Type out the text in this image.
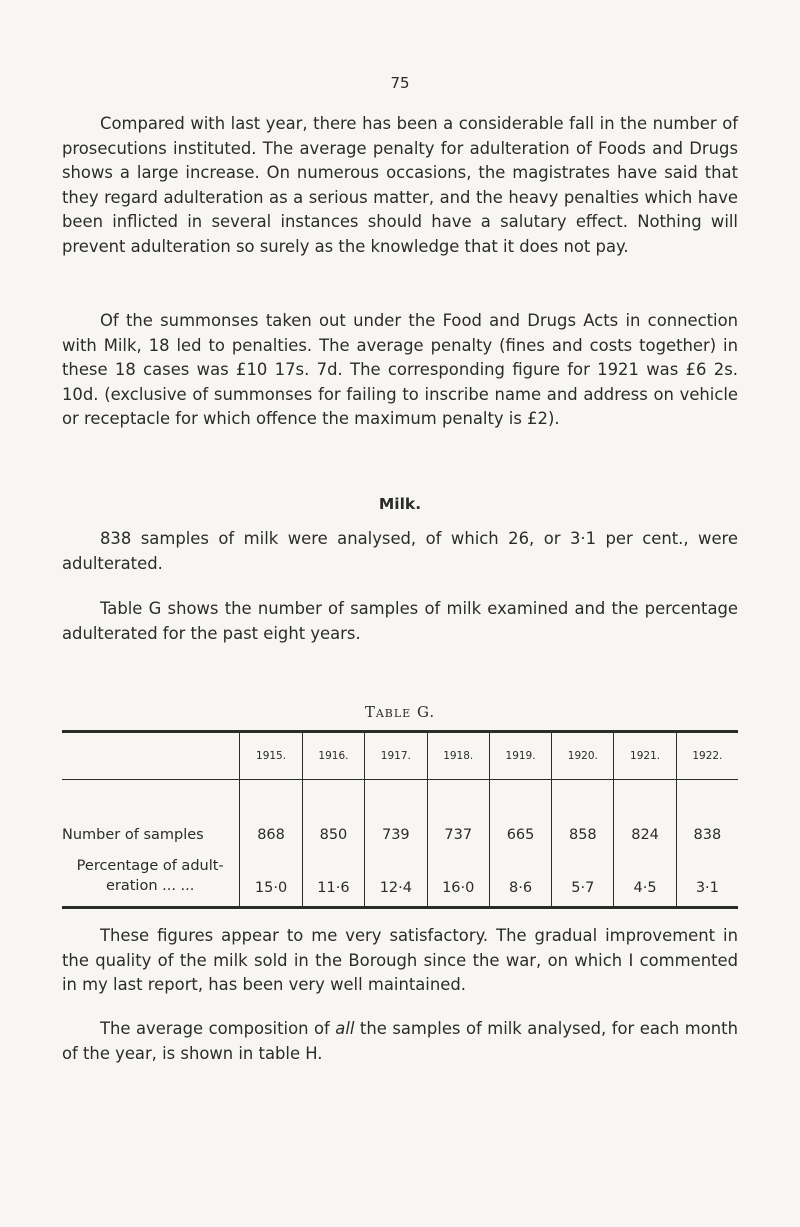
75

Compared with last year, there has been a considerable fall in the number of prosecutions instituted. The average penalty for adulteration of Foods and Drugs shows a large increase. On numerous occasions, the magistrates have said that they regard adulteration as a serious matter, and the heavy penalties which have been inflicted in several instances should have a salutary effect. Nothing will prevent adulteration so surely as the knowledge that it does not pay.

Of the summonses taken out under the Food and Drugs Acts in connection with Milk, 18 led to penalties. The average penalty (fines and costs together) in these 18 cases was £10 17s. 7d. The corresponding figure for 1921 was £6 2s. 10d. (exclusive of summonses for failing to inscribe name and address on vehicle or receptacle for which offence the maximum penalty is £2).

Milk.

838 samples of milk were analysed, of which 26, or 3·1 per cent., were adulterated.

Table G shows the number of samples of milk examined and the percentage adulterated for the past eight years.

Table G.
	1915.	1916.	1917.	1918.	1919.	1920.	1921.	1922.
Number of samples	868	850	739	737	665	858	824	838

Percentage of adult-
eration ... ...	15·0	11·6	12·4	16·0	8·6	5·7	4·5	3·1

These figures appear to me very satisfactory. The gradual improvement in the quality of the milk sold in the Borough since the war, on which I commented in my last report, has been very well maintained.

The average composition of all the samples of milk analysed, for each month of the year, is shown in table H.
